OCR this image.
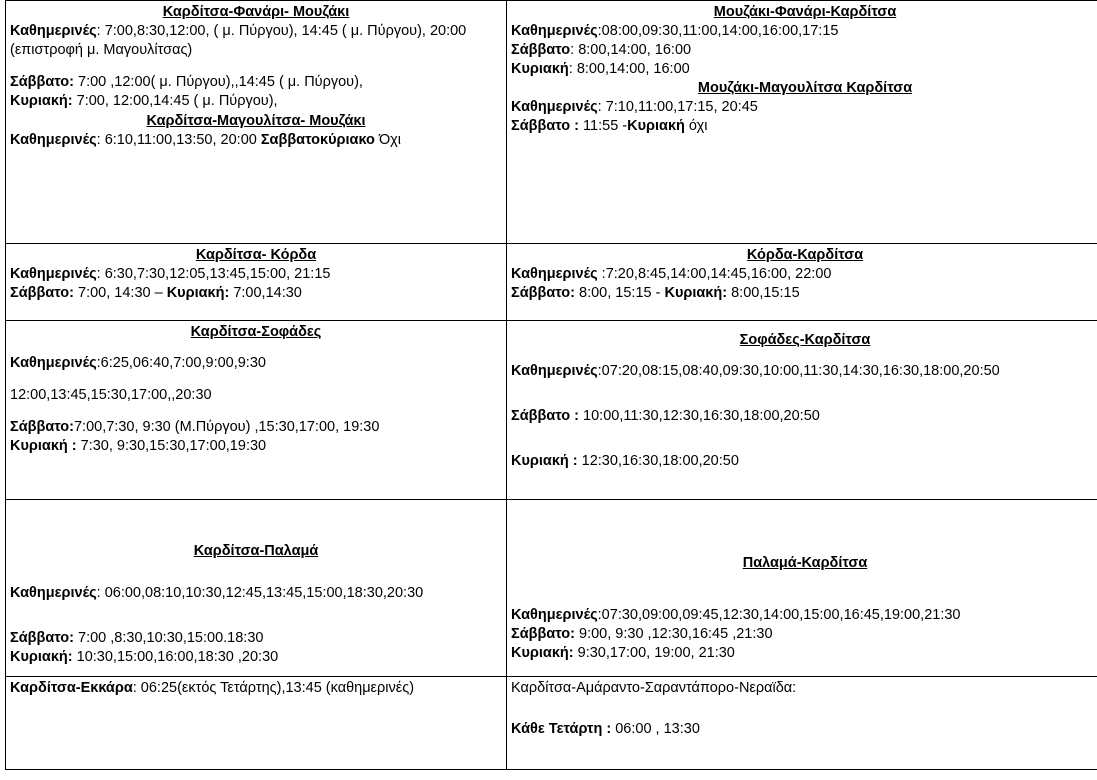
Καρδίτσα-Φανάρι- Μουζάκι
Καθημερινές: 7:00,8:30,12:00, ( μ. Πύργου), 14:45 ( μ. Πύργου), 20:00 (επιστροφή μ. Μαγουλίτσας)
Σάββατο: 7:00 ,12:00( μ. Πύργου),,14:45 ( μ. Πύργου),
Κυριακή: 7:00, 12:00,14:45 ( μ. Πύργου),
Καρδίτσα-Μαγουλίτσα- Μουζάκι
Καθημερινές: 6:10,11:00,13:50, 20:00 Σαββατοκύριακο Όχι

Μουζάκι-Φανάρι-Καρδίτσα
Καθημερινές:08:00,09:30,11:00,14:00,16:00,17:15
Σάββατο: 8:00,14:00, 16:00
Κυριακή: 8:00,14:00, 16:00
Μουζάκι-Μαγουλίτσα Καρδίτσα
Καθημερινές: 7:10,11:00,17:15, 20:45
Σάββατο : 11:55 -Κυριακή όχι

Καρδίτσα- Κόρδα
Καθημερινές: 6:30,7:30,12:05,13:45,15:00, 21:15
Σάββατο: 7:00, 14:30 – Κυριακή: 7:00,14:30

Κόρδα-Καρδίτσα
Καθημερινές :7:20,8:45,14:00,14:45,16:00, 22:00
Σάββατο: 8:00, 15:15 - Κυριακή: 8:00,15:15

Καρδίτσα-Σοφάδες
Καθημερινές:6:25,06:40,7:00,9:00,9:30
12:00,13:45,15:30,17:00,,20:30
Σάββατο:7:00,7:30, 9:30 (Μ.Πύργου) ,15:30,17:00, 19:30
Κυριακή : 7:30, 9:30,15:30,17:00,19:30

Σοφάδες-Καρδίτσα
Καθημερινές:07:20,08:15,08:40,09:30,10:00,11:30,14:30,16:30,18:00,20:50
Σάββατο : 10:00,11:30,12:30,16:30,18:00,20:50
Κυριακή : 12:30,16:30,18:00,20:50

Καρδίτσα-Παλαμά
Καθημερινές: 06:00,08:10,10:30,12:45,13:45,15:00,18:30,20:30
Σάββατο: 7:00 ,8:30,10:30,15:00.18:30
Κυριακή: 10:30,15:00,16:00,18:30 ,20:30

Παλαμά-Καρδίτσα
Καθημερινές:07:30,09:00,09:45,12:30,14:00,15:00,16:45,19:00,21:30
Σάββατο: 9:00, 9:30 ,12:30,16:45 ,21:30
Κυριακή: 9:30,17:00, 19:00, 21:30

Καρδίτσα-Εκκάρα: 06:25(εκτός Τετάρτης),13:45 (καθημερινές)	Καρδίτσα-Αμάραντο-Σαραντάπορο-Νεραϊδα:
Κάθε Τετάρτη : 06:00 , 13:30
